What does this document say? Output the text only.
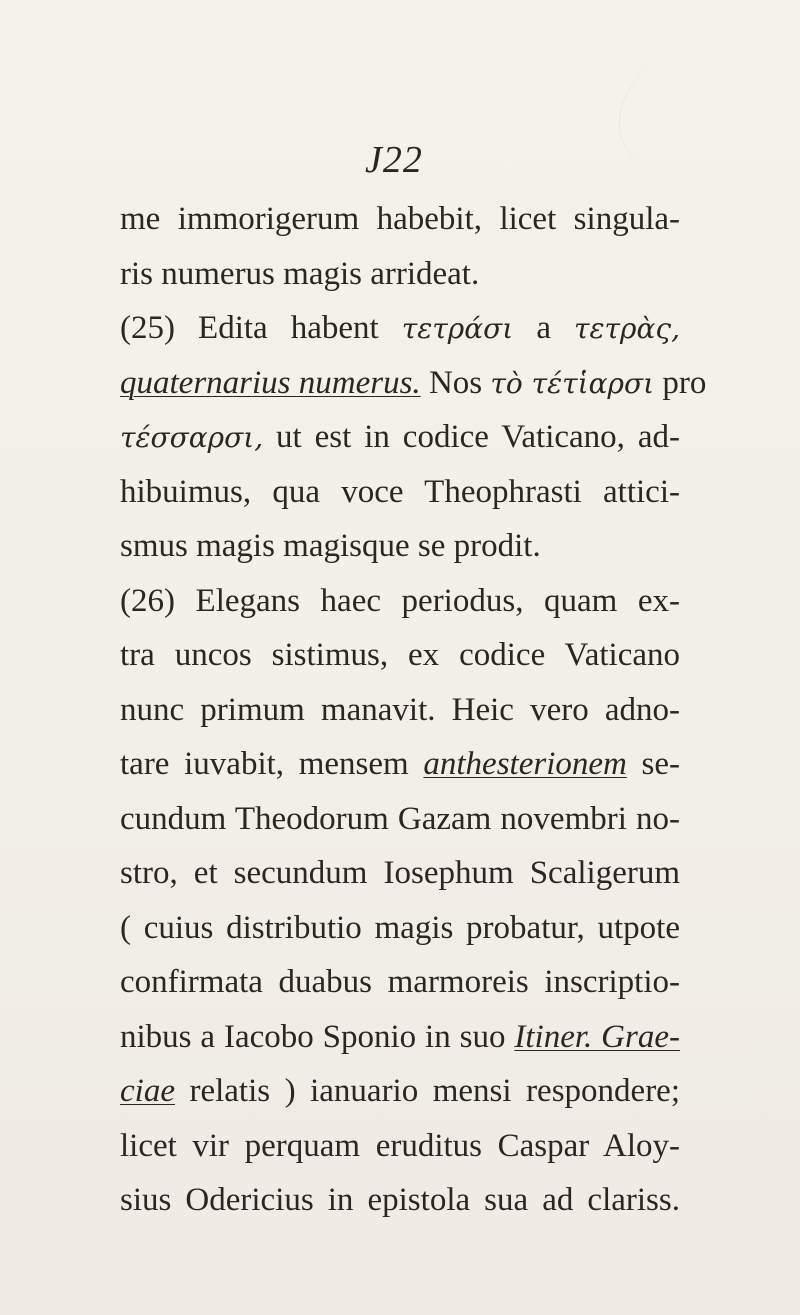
J22
me immorigerum habebit, licet singula-
ris numerus magis arrideat.
(25) Edita habent τετράσι a τετρὰς,
quaternarius numerus. Nos τὸ τέτἱαρσι pro
τέσσαρσι, ut est in codice Vaticano, ad-
hibuimus, qua voce Theophrasti attici-
smus magis magisque se prodit.
(26) Elegans haec periodus, quam ex-
tra uncos sistimus, ex codice Vaticano
nunc primum manavit. Heic vero adno-
tare iuvabit, mensem anthesterionem se-
cundum Theodorum Gazam novembri no-
stro, et secundum Iosephum Scaligerum
( cuius distributio magis probatur, utpote
confirmata duabus marmoreis inscriptio-
nibus a Iacobo Sponio in suo Itiner. Grae-
ciae relatis ) ianuario mensi respondere;
licet vir perquam eruditus Caspar Aloy-
sius Odericius in epistola sua ad clariss.
